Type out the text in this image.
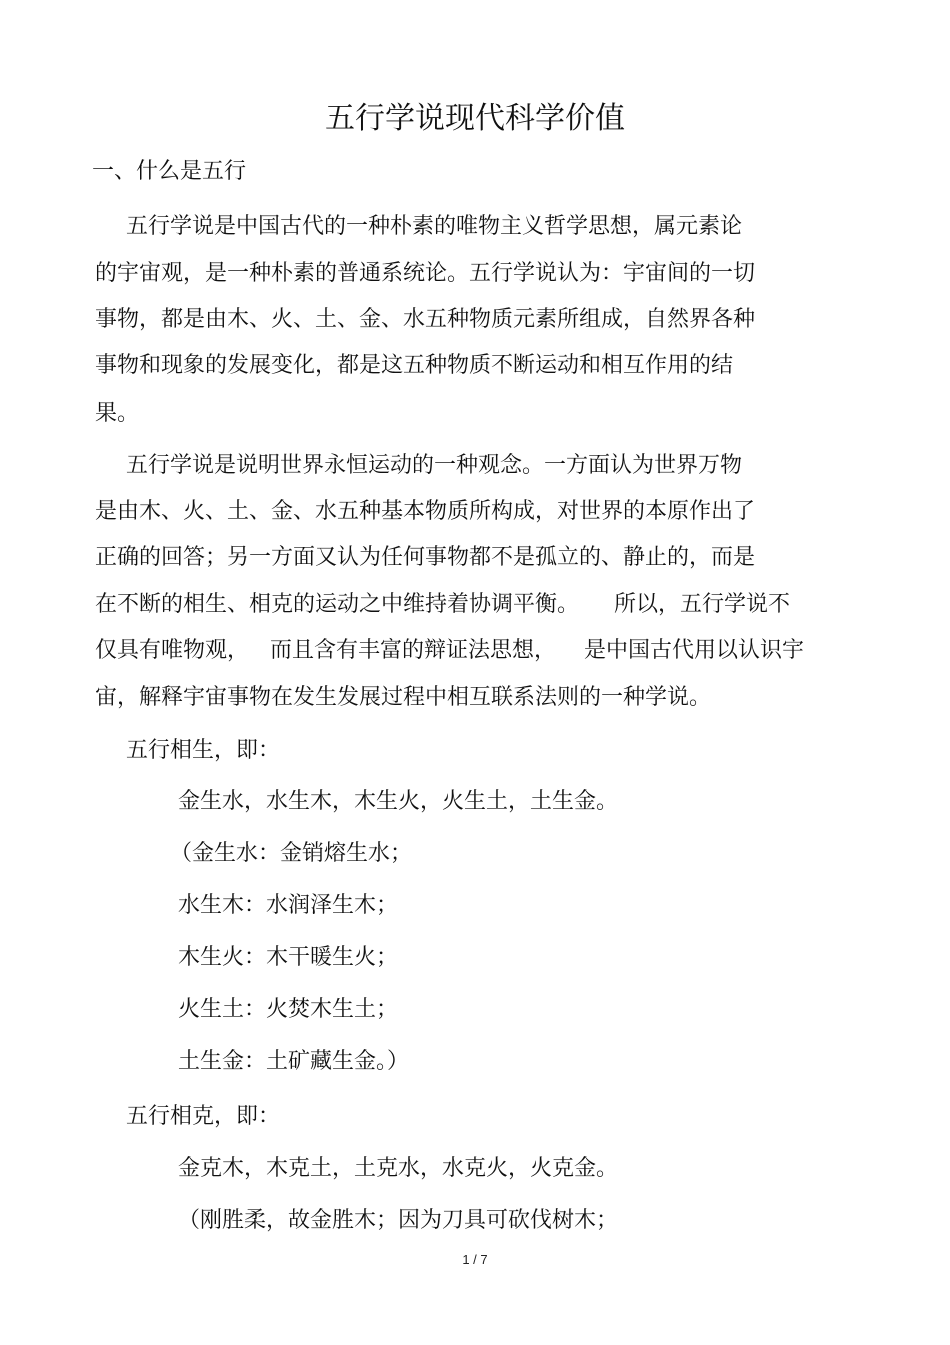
五行学说现代科学价值
一、什么是五行
五行学说是中国古代的一种朴素的唯物主义哲学思想，属元素论
的宇宙观，是一种朴素的普通系统论。五行学说认为：宇宙间的一切
事物，都是由木、火、土、金、水五种物质元素所组成，自然界各种
事物和现象的发展变化，都是这五种物质不断运动和相互作用的结
果。
五行学说是说明世界永恒运动的一种观念。一方面认为世界万物
是由木、火、土、金、水五种基本物质所构成，对世界的本原作出了
正确的回答；另一方面又认为任何事物都不是孤立的、静止的，而是
在不断的相生、相克的运动之中维持着协调平衡。     所以，五行学说不
仅具有唯物观，   而且含有丰富的辩证法思想，    是中国古代用以认识宇
宙，解释宇宙事物在发生发展过程中相互联系法则的一种学说。
五行相生，即：
金生水，水生木，木生火，火生土，土生金。
（金生水：金销熔生水；
水生木：水润泽生木；
木生火：木干暖生火；
火生土：火焚木生土；
土生金：土矿藏生金。）
五行相克，即：
金克木，木克土，土克水，水克火，火克金。
（刚胜柔，故金胜木；因为刀具可砍伐树木；
1 / 7
